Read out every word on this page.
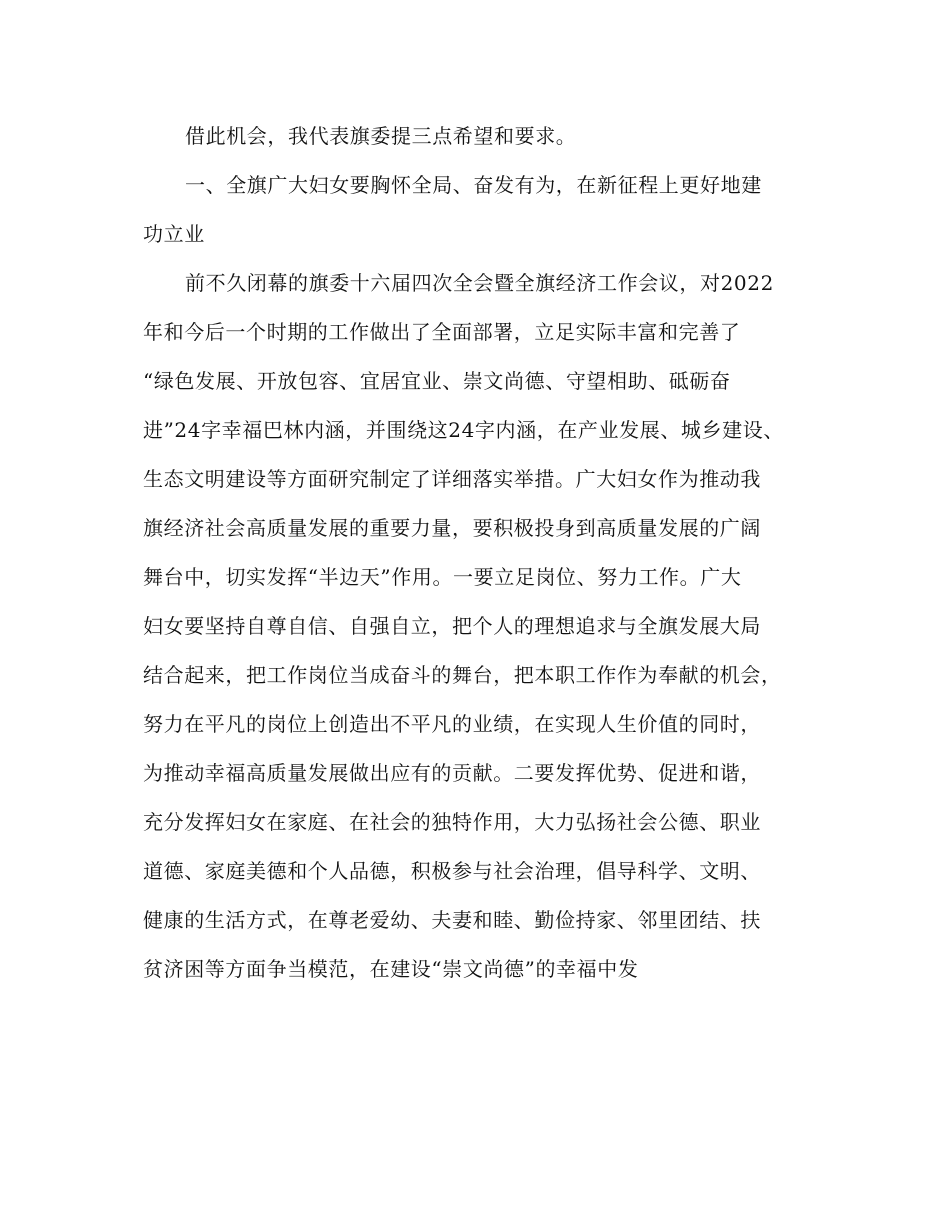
借此机会，我代表旗委提三点希望和要求。
一、全旗广大妇女要胸怀全局、奋发有为，在新征程上更好地建
功立业
前不久闭幕的旗委十六届四次全会暨全旗经济工作会议，对2022
年和今后一个时期的工作做出了全面部署，立足实际丰富和完善了
“绿色发展、开放包容、宜居宜业、崇文尚德、守望相助、砥砺奋
进”24字幸福巴林内涵，并围绕这24字内涵，在产业发展、城乡建设、
生态文明建设等方面研究制定了详细落实举措。广大妇女作为推动我
旗经济社会高质量发展的重要力量，要积极投身到高质量发展的广阔
舞台中，切实发挥“半边天”作用。一要立足岗位、努力工作。广大
妇女要坚持自尊自信、自强自立，把个人的理想追求与全旗发展大局
结合起来，把工作岗位当成奋斗的舞台，把本职工作作为奉献的机会，
努力在平凡的岗位上创造出不平凡的业绩，在实现人生价值的同时，
为推动幸福高质量发展做出应有的贡献。二要发挥优势、促进和谐，
充分发挥妇女在家庭、在社会的独特作用，大力弘扬社会公德、职业
道德、家庭美德和个人品德，积极参与社会治理，倡导科学、文明、
健康的生活方式，在尊老爱幼、夫妻和睦、勤俭持家、邻里团结、扶
贫济困等方面争当模范，在建设“崇文尚德”的幸福中发
